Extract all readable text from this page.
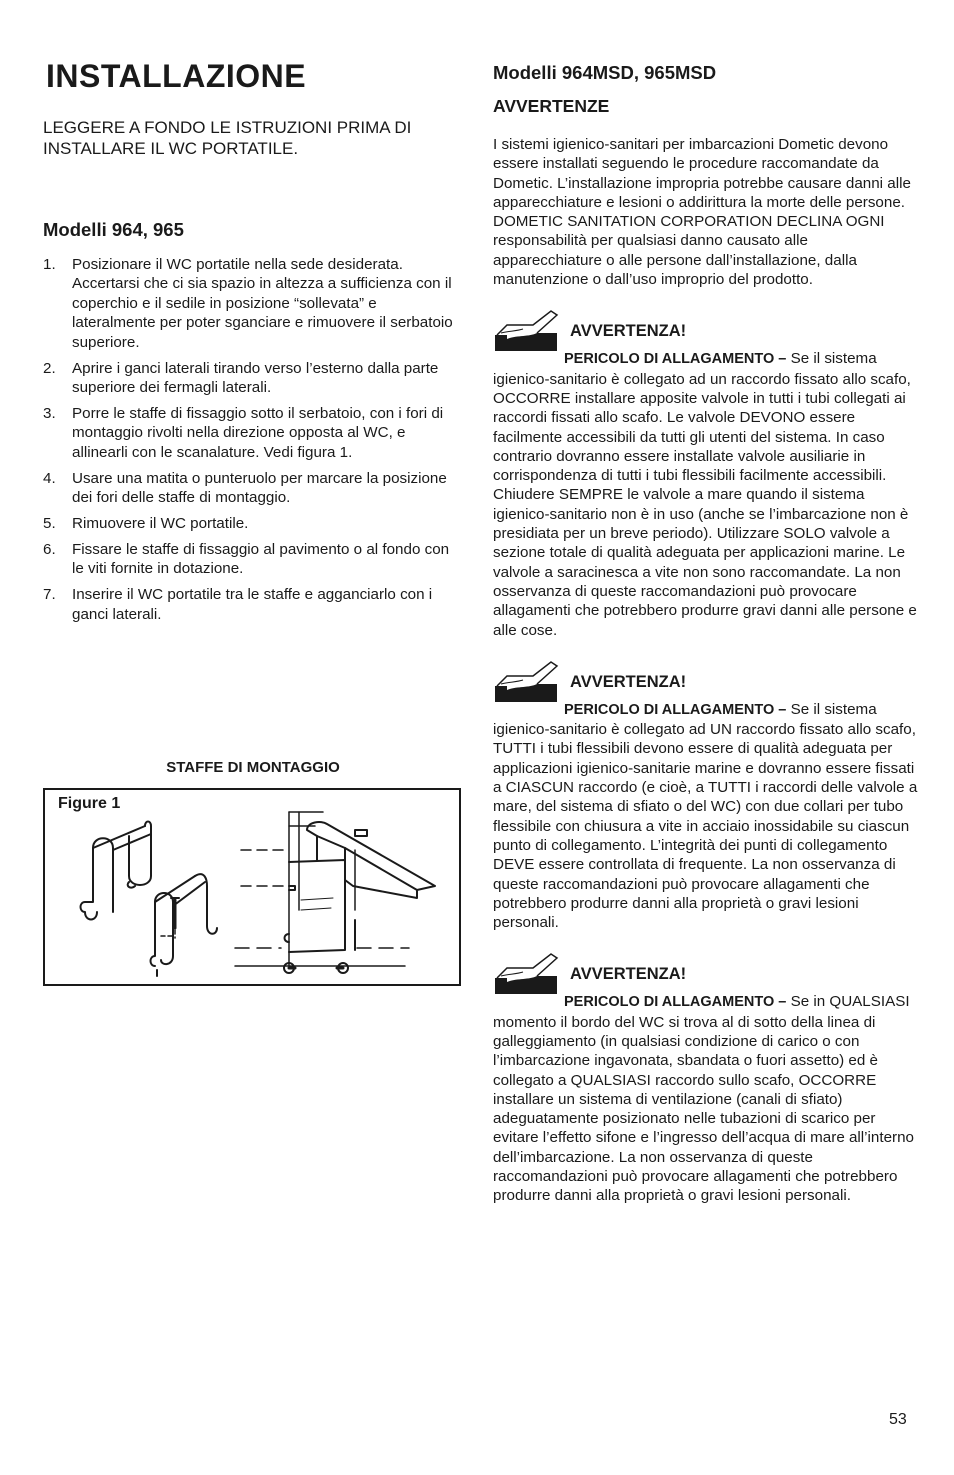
INSTALLAZIONE

LEGGERE A FONDO LE ISTRUZIONI PRIMA DI INSTALLARE IL WC PORTATILE.

Modelli 964, 965
1.	Posizionare il WC portatile nella sede desiderata. Accertarsi che ci sia spazio in altezza a sufficienza con il coperchio e il sedile in posizione “sollevata” e lateralmente per poter sganciare e rimuovere il serbatoio superiore.
2.	Aprire i ganci laterali tirando verso l’esterno dalla parte superiore dei fermagli laterali.
3.	Porre le staffe di fissaggio sotto il serbatoio, con i fori di montaggio rivolti nella direzione opposta al WC, e allinearli con le scanalature. Vedi figura 1.
4.	Usare una matita o punteruolo per marcare la posizione dei fori delle staffe di montaggio.
5.	Rimuovere il WC portatile.
6.	Fissare le staffe di fissaggio al pavimento o al fondo con le viti fornite in dotazione.
7.	Inserire il WC portatile tra le staffe e agganciarlo con i ganci laterali.
STAFFE DI MONTAGGIO
Figure 1
Modelli 964MSD, 965MSD
AVVERTENZE

I sistemi igienico-sanitari per imbarcazioni Dometic devono essere installati seguendo le procedure raccomandate da Dometic. L’installazione impropria potrebbe causare danni alle apparecchiature e lesioni o addirittura la morte delle persone. DOMETIC SANITATION CORPORATION DECLINA OGNI responsabilità per qualsiasi danno causato alle apparecchiature o alle persone dall’installazione, dalla manutenzione o dall’uso improprio del prodotto.

AVVERTENZA!

PERICOLO DI ALLAGAMENTO – Se il sistema igienico-sanitario è collegato ad un raccordo fissato allo scafo, OCCORRE installare apposite valvole in tutti i tubi collegati ai raccordi fissati allo scafo. Le valvole DEVONO essere facilmente accessibili da tutti gli utenti del sistema. In caso contrario dovranno essere installate valvole ausiliarie in corrispondenza di tutti i tubi flessibili facilmente accessibili. Chiudere SEMPRE le valvole a mare quando il sistema igienico-sanitario non è in uso (anche se l’imbarcazione non è presidiata per un breve periodo). Utilizzare SOLO valvole a sezione totale di qualità adeguata per applicazioni marine. Le valvole a saracinesca a vite non sono raccomandate. La non osservanza di queste raccomandazioni può provocare allagamenti che potrebbero produrre gravi danni alle persone e alle cose.

AVVERTENZA!

PERICOLO DI ALLAGAMENTO – Se il sistema igienico-sanitario è collegato ad UN raccordo fissato allo scafo, TUTTI i tubi flessibili devono essere di qualità adeguata per applicazioni igienico-sanitarie marine e dovranno essere fissati a CIASCUN raccordo (e cioè, a TUTTI i raccordi delle valvole a mare, del sistema di sfiato o del WC) con due collari per tubo flessibile con chiusura a vite in acciaio inossidabile su ciascun punto di collegamento. L’integrità dei punti di collegamento DEVE essere controllata di frequente. La non osservanza di queste raccomandazioni può provocare allagamenti che potrebbero produrre danni alla proprietà o gravi lesioni personali.

AVVERTENZA!

PERICOLO DI ALLAGAMENTO – Se in QUALSIASI momento il bordo del WC si trova al di sotto della linea di galleggiamento (in qualsiasi condizione di carico o con l’imbarcazione ingavonata, sbandata o fuori assetto) ed è collegato a QUALSIASI raccordo sullo scafo, OCCORRE installare un sistema di ventilazione (canali di sfiato) adeguatamente posizionato nelle tubazioni di scarico per evitare l’effetto sifone e l’ingresso dell’acqua di mare all’interno dell’imbarcazione. La non osservanza di queste raccomandazioni può provocare allagamenti che potrebbero produrre danni alla proprietà o gravi lesioni personali.

53
